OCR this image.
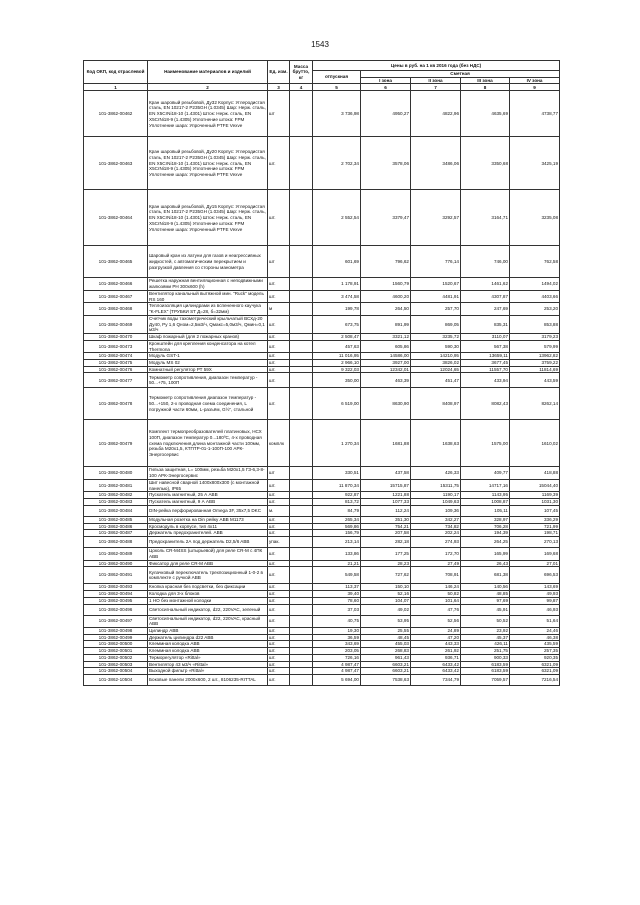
1543
Код ОКП, код отраслевой	Наименование материалов и изделий	Ед. изм.	Масса брутто, кг	Цены в руб. на 1 кв 2016 года (без НДС)				
				отпускная	Сметная			
					I зона	II зона	III зона	IV зона
1	2	3	4	5	6	7	8	9
101-3862-00462	Кран шаровый резьбовой, Ду32 Корпус: Углеродистая сталь, EN 10217-2 P235GH (1.0345) Шар: Нерж. сталь, EN X5CrNi18-10 (1.4301) Шток: Нерж. сталь, EN X5CrNi18-9 (1.4305) Уплотнение штока: FPM Уплотнение шара: Упроченный PTFE Vexve	шт		3 736,98	4950,27	4822,96	4635,69	4738,77
101-3862-00463	Кран шаровый резьбовой, Ду20 Корпус: Углеродистая сталь, EN 10217-2 P235GH (1.0345) Шар: Нерж. сталь, EN X5CrNi18-10 (1.4301) Шток: Нерж. сталь, EN X5CrNi18-9 (1.4305) Уплотнение штока: FPM Уплотнение шара: Упроченный PTFE Vexve	шт.		2 702,34	3578,06	3486,06	3350,68	3425,19
101-3862-00464	Кран шаровый резьбовой, Ду15 Корпус: Углеродистая сталь, EN 10217-2 P235GH (1.0345) Шар: Нерж. сталь, EN X5CrNi18-10 (1.4301) Шток: Нерж. сталь, EN X5CrNi18-9 (1.4305) Уплотнение штока: FPM Уплотнение шара: Упроченный PTFE Vexve	шт.		2 552,54	3379,47	3292,57	3164,71	3235,08
101-3862-00465	Шаровый кран из латуни для газов и неагрессивных жидкостей, с автоматическим перекрытием и разгрузкой давления со стороны манометра	шт		601,69	796,62	776,14	746,00	762,58
101-3862-00466	Решетка наружная вентиляционная с неподвижными жалюзями РН 300х600 (h)	шт.		1 178,91	1560,79	1520,67	1461,62	1494,02
101-3862-00467	Вентилятор канальный вытяжной мин. "Ruck" модель RS 160	шт.		3 474,58	4600,20	4481,91	4307,87	4403,66
101-3862-00468	Теплоизоляция цилиндрами из вспененного каучука "K-FLEX" (ТРУБКИ ST Д=28, б=32мм)	м		199,78	264,50	257,70	247,69	253,20
101-3862-00469	Счетчик воды тахометрический крыльчатый ВСХд-20 Ду40, Ру 1,6 Qном=2,5м3/ч, Qмакс=5,0м3/ч, Qмин=0,1 м3/ч	шт.		673,75	891,99	869,05	835,31	853,88
101-3862-00470	Шкаф пожарный (для 2 пожарных кранов)	шт.		2 508,47	3321,12	3235,72	3110,07	3179,23
101-3862-00473	Кронштейн для крепления конденсатора на котел Thermona	шт.		457,63	605,86	590,30	567,38	579,99
101-3862-00474	Модуль GST-1	шт.		11 016,95	14586,00	14210,95	13659,11	13962,82
101-3862-00475	Модуль MS 02	шт.		2 966,10	3927,00	3826,02	3677,45	3759,22
101-3862-00476	Комнатный регулятор РТ 59Х	шт.		9 322,03	12342,01	12024,65	11557,70	11814,69
101-3862-00477	Термометр сопротивления, диапазон температур - 50...+75, 100П	шт.		350,00	463,39	451,47	433,94	443,59
101-3862-00478	Термометр сопротивления диапазон температур - 50...+150, 2-х проводная схема соединения, L погружной части 60мм, L-разъём, G½", стальной	шт.		6 519,00	8630,90	8408,97	8082,43	8262,14
101-3862-00479	Комплект термопреобразователей платиновых, НСХ 100П, диапазон температур 0...180ºС, 4-х проводная схема подключения,длина монтажной части 100мм, резьба М20х1,5, КТПТР-01-1-100П-100 АРК-Энергосервис	комплк		1 270,34	1681,88	1638,63	1575,00	1610,02
101-3862-00480	Гильза защитная, L= 100мм, резьба М20х1,5 ГЗ-6,3-8-100 АРК-Энергосервис	шт		330,51	437,58	426,33	409,77	418,88
101-3862-00481	Шит навесной сварной 1400х800х300 (с монтажной панелью), IP65	шт.		11 870,34	15715,87	15311,75	14717,16	15044,40
101-3862-00482	Пускатель магнитный, 25 А ABB	шт.		922,87	1221,88	1190,17	1143,95	1169,39
101-3862-00483	Пускатель магнитный, 9 А ABB	шт.		813,72	1077,33	1049,63	1008,87	1031,30
101-3862-00484	DIN-рейка перфорированная Omega 3F, 35х7,5 DKC	м.		84,79	112,24	109,36	105,11	107,45
101-3862-00485	Модульная розетка на Din рейку ABB M1173	шт.		265,34	351,30	342,27	328,97	336,29
101-3862-00486	Кросмодуль в корпусе, тип 4х11	шт.		569,86	754,21	734,82	706,28	721,99
101-3862-00487	Держатель предохранителей. ABB	шт.		156,79	207,58	202,24	194,39	198,71
101-3862-00488	Предохранитель 2А под держатель D2,5/6 ABB	упак.		213,14	282,18	274,93	264,25	270,13
101-3862-00489	Цоколь CR-M4SS (штырьевой) для реле CR-M с 4ПК ABB	шт.		133,86	177,25	172,70	165,99	169,68
101-3862-00490	Фиксатор для реле CR-M ABB	шт.		21,21	28,23	27,49	26,43	27,01
101-3862-00491	Кулачковый переключатель трехпозиционный 1-0-2 в комплекте с ручкой ABB	шт.		549,58	727,62	708,91	681,38	696,53
101-3862-00493	Кнопка красная без подсветки, без фиксации	шт.		113,37	150,10	146,24	140,56	143,69
101-3862-00494	Колодка для 3-х блоков	шт.		39,40	52,16	50,82	48,85	49,93
101-3862-00495	1 НО без монтажной колодки	шт.		78,60	104,07	101,64	97,69	99,87
101-3862-00496	Светосигнальный индикатор, d22, 220VAC, зеленый	шт.		37,03	49,02	47,76	45,91	46,93
101-3862-00497	Светосигнальный индикатор, d22, 220VAC, красный ABB	шт.		40,75	53,95	52,56	50,52	51,64
101-3862-00498	Цилиндр ABB	шт.		19,30	25,55	24,89	23,92	24,46
101-3862-00499	Держатель цилиндра d22 ABB	шт.		36,59	48,45	47,20	45,37	46,38
101-3862-00500	Клеммная колодка ABB	шт.		343,69	455,03	443,33	426,11	435,59
101-3862-00501	Клеммная колодка ABB	шт.		203,05	268,83	261,92	251,75	257,35
101-3862-00502	Терморегулятор «Rittal»	шт.		726,16	961,43	936,71	900,33	920,35
101-3862-00503	Вентилятор 43 м3/ч «Rittal»	шт.		4 987,47	6603,21	6433,42	6183,59	6321,09
101-3862-00504	Выходной фильтр «Rittal»	шт.		4 987,47	6603,21	6433,42	6183,59	6321,09
101-3862-10504	Боковые панели 2000х600, 2 шт., 8106235-RITTAL	шт.		5 694,00	7538,63	7344,79	7059,57	7216,54
